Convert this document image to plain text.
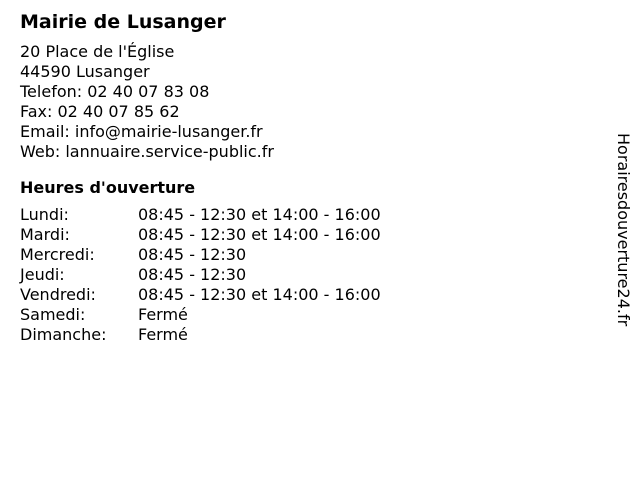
Mairie de Lusanger
20 Place de l'Église
44590 Lusanger
Telefon: 02 40 07 83 08
Fax: 02 40 07 85 62
Email: info@mairie-lusanger.fr
Web: lannuaire.service-public.fr
Heures d'ouverture
Lundi:	08:45 - 12:30 et 14:00 - 16:00
Mardi:	08:45 - 12:30 et 14:00 - 16:00
Mercredi:	08:45 - 12:30
Jeudi:	08:45 - 12:30
Vendredi:	08:45 - 12:30 et 14:00 - 16:00
Samedi:	Fermé
Dimanche:	Fermé
Horairesdouverture24.fr
